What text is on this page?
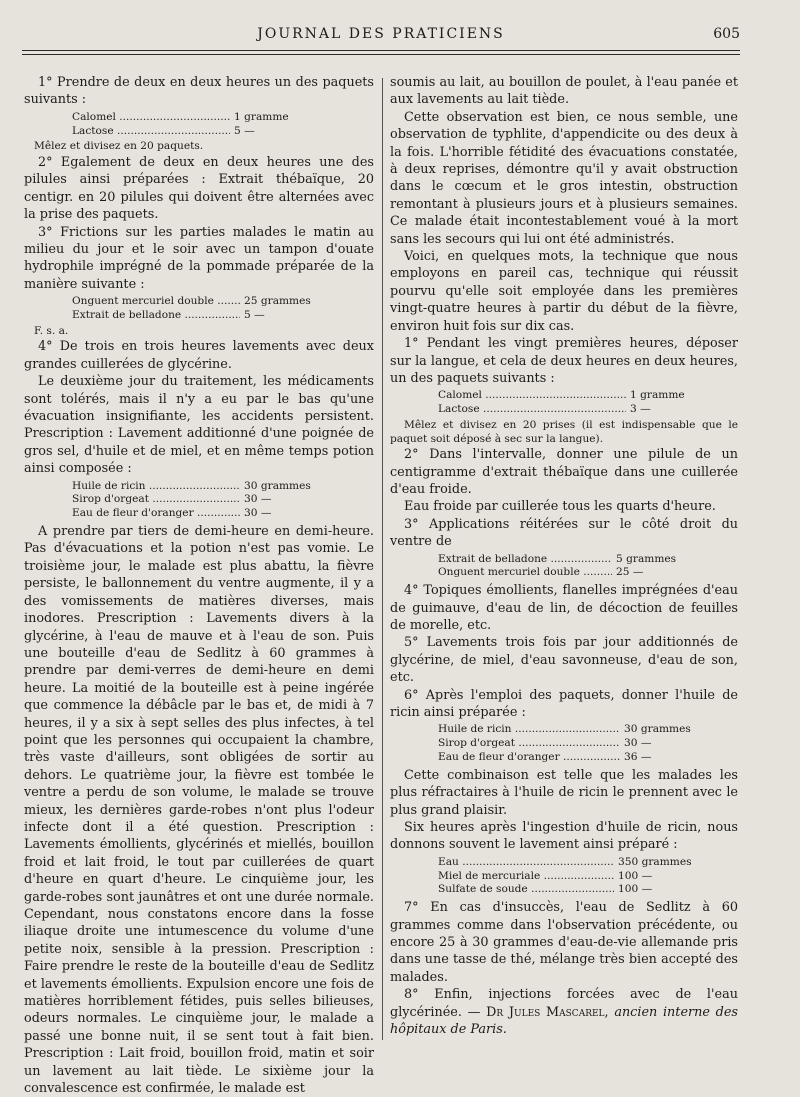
JOURNAL DES PRATICIENS	605

1° Prendre de deux en deux heures un des paquets suivants :

Calomel .....	1 gramme
Lactose .....	5 —

Mêlez et divisez en 20 paquets.

2° Egalement de deux en deux heures une des pilules ainsi préparées : Extrait thébaïque, 20 centigr. en 20 pilules qui doivent être alternées avec la prise des paquets.

3° Frictions sur les parties malades le matin au milieu du jour et le soir avec un tampon d'ouate hydrophile imprégné de la pommade préparée de la manière suivante :

Onguent mercuriel double .....	25 grammes
Extrait de belladone .....	5 —

F. s. a.

4° De trois en trois heures lavements avec deux grandes cuillerées de glycérine.

Le deuxième jour du traitement, les médicaments sont tolérés, mais il n'y a eu par le bas qu'une évacuation insignifiante, les accidents persistent. Prescription : Lavement additionné d'une poignée de gros sel, d'huile et de miel, et en même temps potion ainsi composée :

Huile de ricin .....	30 grammes
Sirop d'orgeat .....	30 —
Eau de fleur d'oranger .....	30 —

A prendre par tiers de demi-heure en demi-heure. Pas d'évacuations et la potion n'est pas vomie. Le troisième jour, le malade est plus abattu, la fièvre persiste, le ballonnement du ventre augmente, il y a des vomissements de matières diverses, mais inodores. Prescription : Lavements divers à la glycérine, à l'eau de mauve et à l'eau de son. Puis une bouteille d'eau de Sedlitz à 60 grammes à prendre par demi-verres de demi-heure en demi heure. La moitié de la bouteille est à peine ingérée que commence la débâcle par le bas et, de midi à 7 heures, il y a six à sept selles des plus infectes, à tel point que les personnes qui occupaient la chambre, très vaste d'ailleurs, sont obligées de sortir au dehors. Le quatrième jour, la fièvre est tombée le ventre a perdu de son volume, le malade se trouve mieux, les dernières garde-robes n'ont plus l'odeur infecte dont il a été question. Prescription : Lavements émollients, glycérinés et miellés, bouillon froid et lait froid, le tout par cuillerées de quart d'heure en quart d'heure. Le cinquième jour, les garde-robes sont jaunâtres et ont une durée normale. Cependant, nous constatons encore dans la fosse iliaque droite une intumescence du volume d'une petite noix, sensible à la pression. Prescription : Faire prendre le reste de la bouteille d'eau de Sedlitz et lavements émollients. Expulsion encore une fois de matières horriblement fétides, puis selles bilieuses, odeurs normales. Le cinquième jour, le malade a passé une bonne nuit, il se sent tout à fait bien. Prescription : Lait froid, bouillon froid, matin et soir un lavement au lait tiède. Le sixième jour la convalescence est confirmée, le malade est

soumis au lait, au bouillon de poulet, à l'eau panée et aux lavements au lait tiède.

Cette observation est bien, ce nous semble, une observation de typhlite, d'appendicite ou des deux à la fois. L'horrible fétidité des évacuations constatée, à deux reprises, démontre qu'il y avait obstruction dans le cœcum et le gros intestin, obstruction remontant à plusieurs jours et à plusieurs semaines. Ce malade était incontestablement voué à la mort sans les secours qui lui ont été administrés.

Voici, en quelques mots, la technique que nous employons en pareil cas, technique qui réussit pourvu qu'elle soit employée dans les premières vingt-quatre heures à partir du début de la fièvre, environ huit fois sur dix cas.

1° Pendant les vingt premières heures, déposer sur la langue, et cela de deux heures en deux heures, un des paquets suivants :

Calomel .....	1 gramme
Lactose .....	3 —

Mêlez et divisez en 20 prises (il est indispensable que le paquet soit déposé à sec sur la langue).

2° Dans l'intervalle, donner une pilule de un centigramme d'extrait thébaïque dans une cuillerée d'eau froide.

Eau froide par cuillerée tous les quarts d'heure.

3° Applications réitérées sur le côté droit du ventre de

Extrait de belladone .....	5 grammes
Onguent mercuriel double .....	25 —

4° Topiques émollients, flanelles imprégnées d'eau de guimauve, d'eau de lin, de décoction de feuilles de morelle, etc.

5° Lavements trois fois par jour additionnés de glycérine, de miel, d'eau savonneuse, d'eau de son, etc.

6° Après l'emploi des paquets, donner l'huile de ricin ainsi préparée :

Huile de ricin .....	30 grammes
Sirop d'orgeat .....	30 —
Eau de fleur d'oranger .....	36 —

Cette combinaison est telle que les malades les plus réfractaires à l'huile de ricin le prennent avec le plus grand plaisir.

Six heures après l'ingestion d'huile de ricin, nous donnons souvent le lavement ainsi préparé :

Eau .....	350 grammes
Miel de mercuriale .....	100 —
Sulfate de soude .....	100 —

7° En cas d'insuccès, l'eau de Sedlitz à 60 grammes comme dans l'observation précédente, ou encore 25 à 30 grammes d'eau-de-vie allemande pris dans une tasse de thé, mélange très bien accepté des malades.

8° Enfin, injections forcées avec de l'eau glycérinée. — Dr Jules Mascarel, ancien interne des hôpitaux de Paris.
